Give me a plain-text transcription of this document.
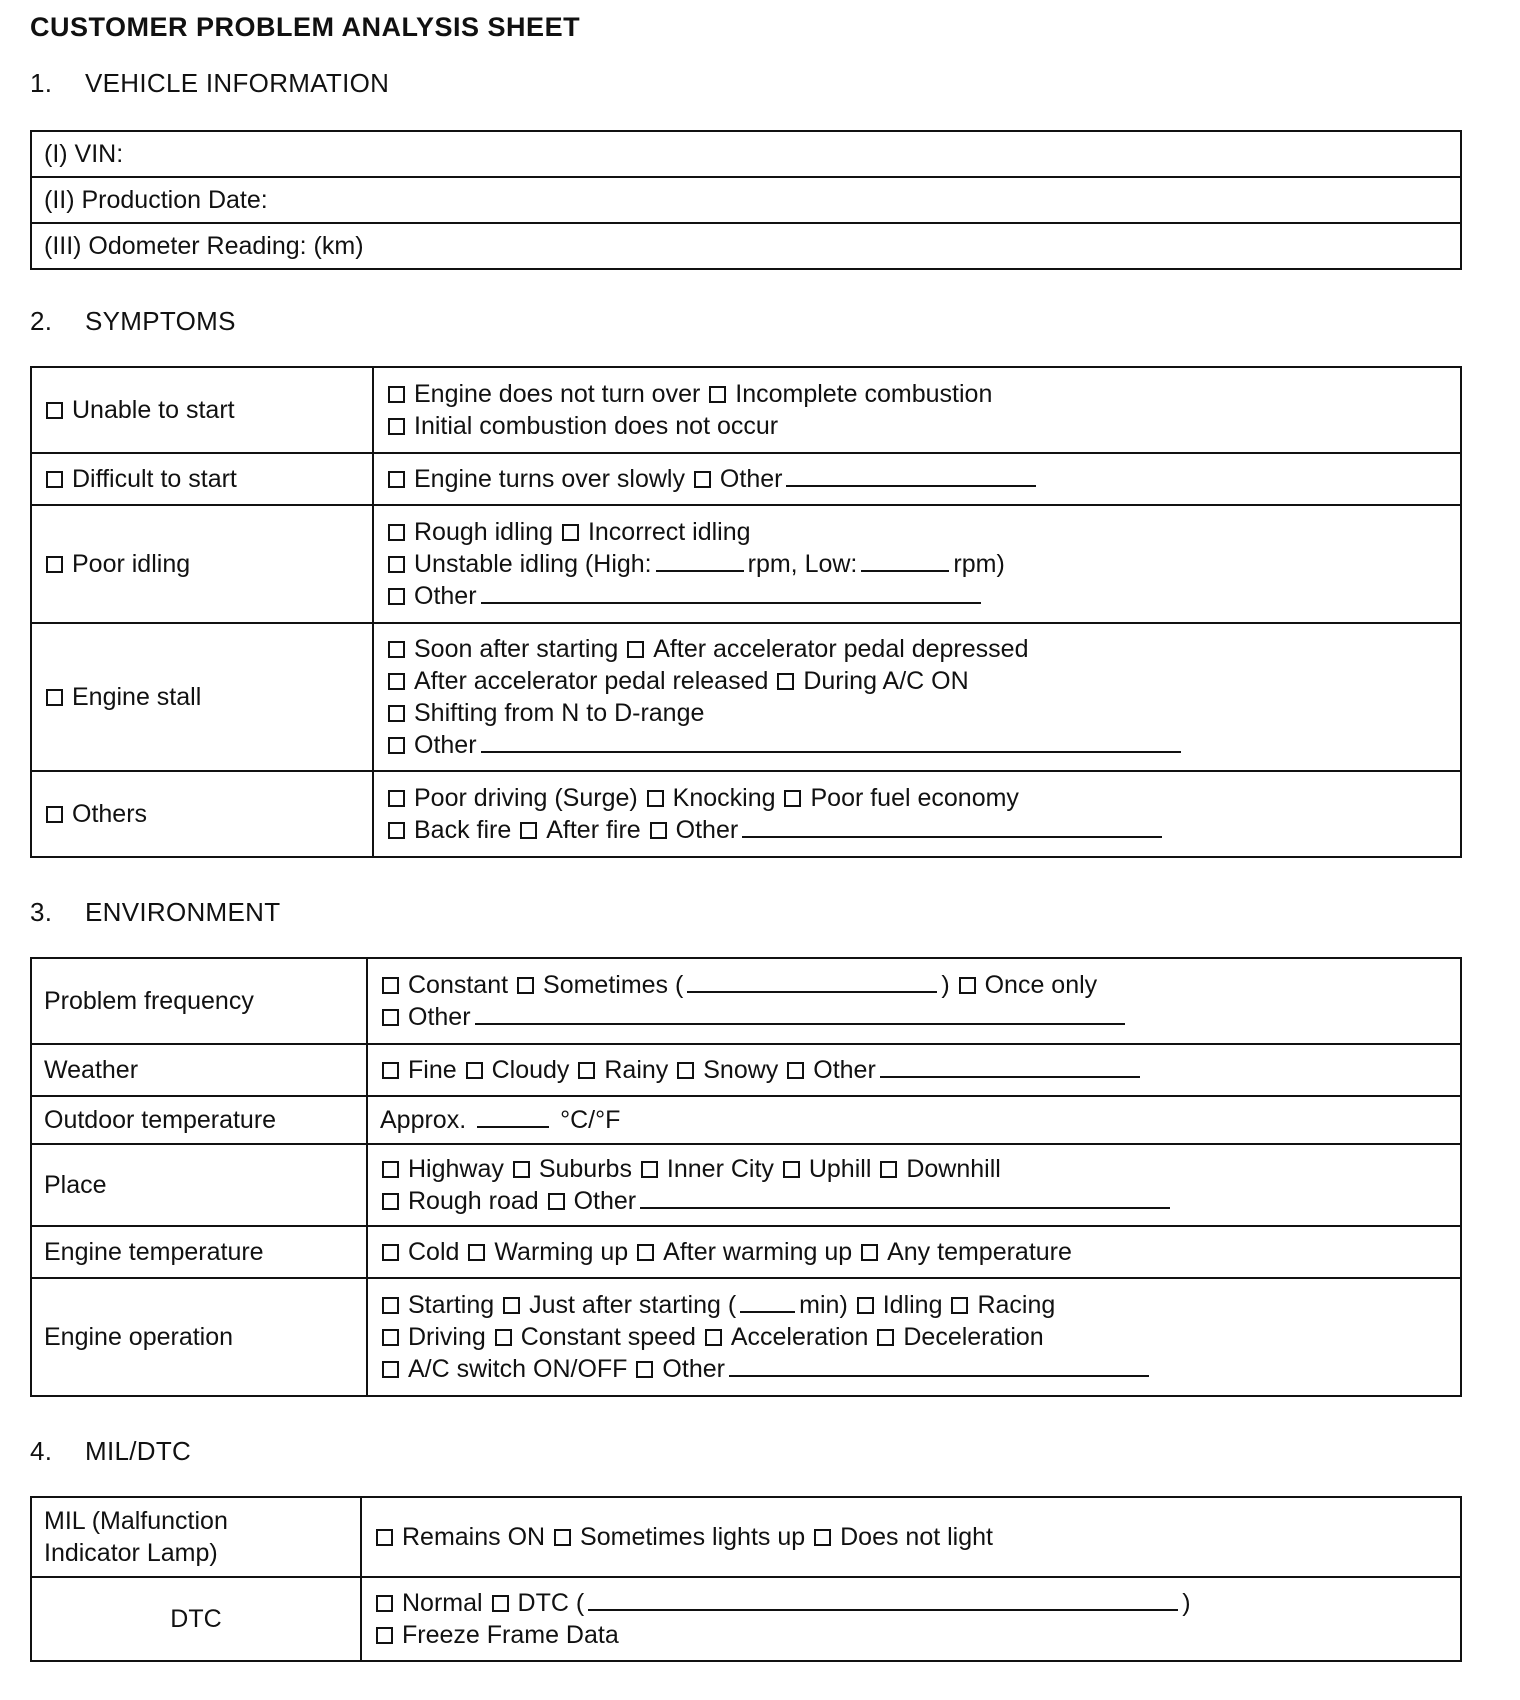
CUSTOMER PROBLEM ANALYSIS SHEET
1. VEHICLE INFORMATION
(I) VIN:
(II) Production Date:
(III) Odometer Reading: (km)
2. SYMPTOMS
Unable to start	Engine does not turn over Incomplete combustion
Initial combustion does not occur

Difficult to start	Engine turns over slowly Other

Poor idling	Rough idling Incorrect idling
Unstable idling (High: rpm, Low: rpm)
Other

Engine stall	Soon after starting After accelerator pedal depressed
After accelerator pedal released During A/C ON
Shifting from N to D-range
Other

Others	Poor driving (Surge) Knocking Poor fuel economy
Back fire After fire Other
3. ENVIRONMENT
Problem frequency	Constant Sometimes ( ) Once only
Other

Weather	Fine Cloudy Rainy Snowy Other

Outdoor temperature	Approx. °C/°F

Place	Highway Suburbs Inner City Uphill Downhill
Rough road Other

Engine temperature	Cold Warming up After warming up Any temperature

Engine operation	Starting Just after starting ( min) Idling Racing
Driving Constant speed Acceleration Deceleration
A/C switch ON/OFF Other
4. MIL/DTC
MIL (Malfunction
Indicator Lamp)	Remains ON Sometimes lights up Does not light

DTC	Normal DTC ( )
Freeze Frame Data
